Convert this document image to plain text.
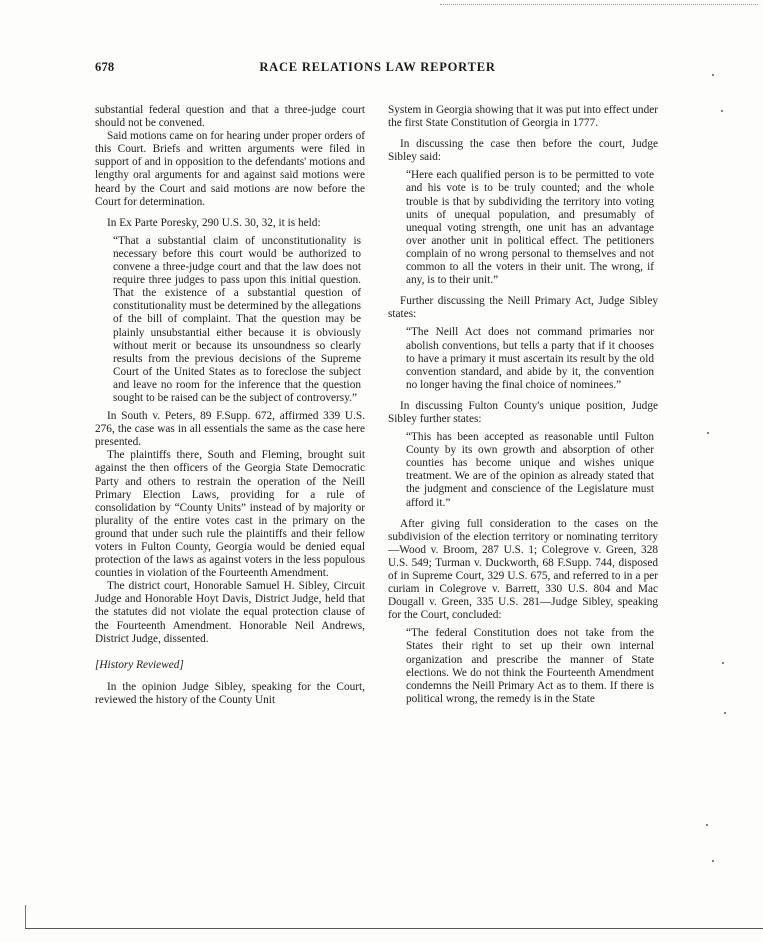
678	RACE RELATIONS LAW REPORTER

substantial federal question and that a three-judge court should not be convened.

Said motions came on for hearing under proper orders of this Court. Briefs and written arguments were filed in support of and in opposition to the defendants' motions and lengthy oral arguments for and against said motions were heard by the Court and said motions are now before the Court for determination.

In Ex Parte Poresky, 290 U.S. 30, 32, it is held:

“That a substantial claim of unconstitutionality is necessary before this court would be authorized to convene a three-judge court and that the law does not require three judges to pass upon this initial question. That the existence of a substantial question of constitutionality must be determined by the allegations of the bill of complaint. That the question may be plainly unsubstantial either because it is obviously without merit or because its unsoundness so clearly results from the previous decisions of the Supreme Court of the United States as to foreclose the subject and leave no room for the inference that the question sought to be raised can be the subject of controversy.”

In South v. Peters, 89 F.Supp. 672, affirmed 339 U.S. 276, the case was in all essentials the same as the case here presented.

The plaintiffs there, South and Fleming, brought suit against the then officers of the Georgia State Democratic Party and others to restrain the operation of the Neill Primary Election Laws, providing for a rule of consolidation by “County Units” instead of by majority or plurality of the entire votes cast in the primary on the ground that under such rule the plaintiffs and their fellow voters in Fulton County, Georgia would be denied equal protection of the laws as against voters in the less populous counties in violation of the Fourteenth Amendment.

The district court, Honorable Samuel H. Sibley, Circuit Judge and Honorable Hoyt Davis, District Judge, held that the statutes did not violate the equal protection clause of the Fourteenth Amendment. Honorable Neil Andrews, District Judge, dissented.

[History Reviewed]

In the opinion Judge Sibley, speaking for the Court, reviewed the history of the County Unit

System in Georgia showing that it was put into effect under the first State Constitution of Georgia in 1777.

In discussing the case then before the court, Judge Sibley said:

“Here each qualified person is to be permitted to vote and his vote is to be truly counted; and the whole trouble is that by subdividing the territory into voting units of unequal population, and presumably of unequal voting strength, one unit has an advantage over another unit in political effect. The petitioners complain of no wrong personal to themselves and not common to all the voters in their unit. The wrong, if any, is to their unit.”

Further discussing the Neill Primary Act, Judge Sibley states:

“The Neill Act does not command primaries nor abolish conventions, but tells a party that if it chooses to have a primary it must ascertain its result by the old convention standard, and abide by it, the convention no longer having the final choice of nominees.”

In discussing Fulton County's unique position, Judge Sibley further states:

“This has been accepted as reasonable until Fulton County by its own growth and absorption of other counties has become unique and wishes unique treatment. We are of the opinion as already stated that the judgment and conscience of the Legislature must afford it.”

After giving full consideration to the cases on the subdivision of the election territory or nominating territory—Wood v. Broom, 287 U.S. 1; Colegrove v. Green, 328 U.S. 549; Turman v. Duckworth, 68 F.Supp. 744, disposed of in Supreme Court, 329 U.S. 675, and referred to in a per curiam in Colegrove v. Barrett, 330 U.S. 804 and Mac Dougall v. Green, 335 U.S. 281—Judge Sibley, speaking for the Court, concluded:

“The federal Constitution does not take from the States their right to set up their own internal organization and prescribe the manner of State elections. We do not think the Fourteenth Amendment condemns the Neill Primary Act as to them. If there is political wrong, the remedy is in the State
